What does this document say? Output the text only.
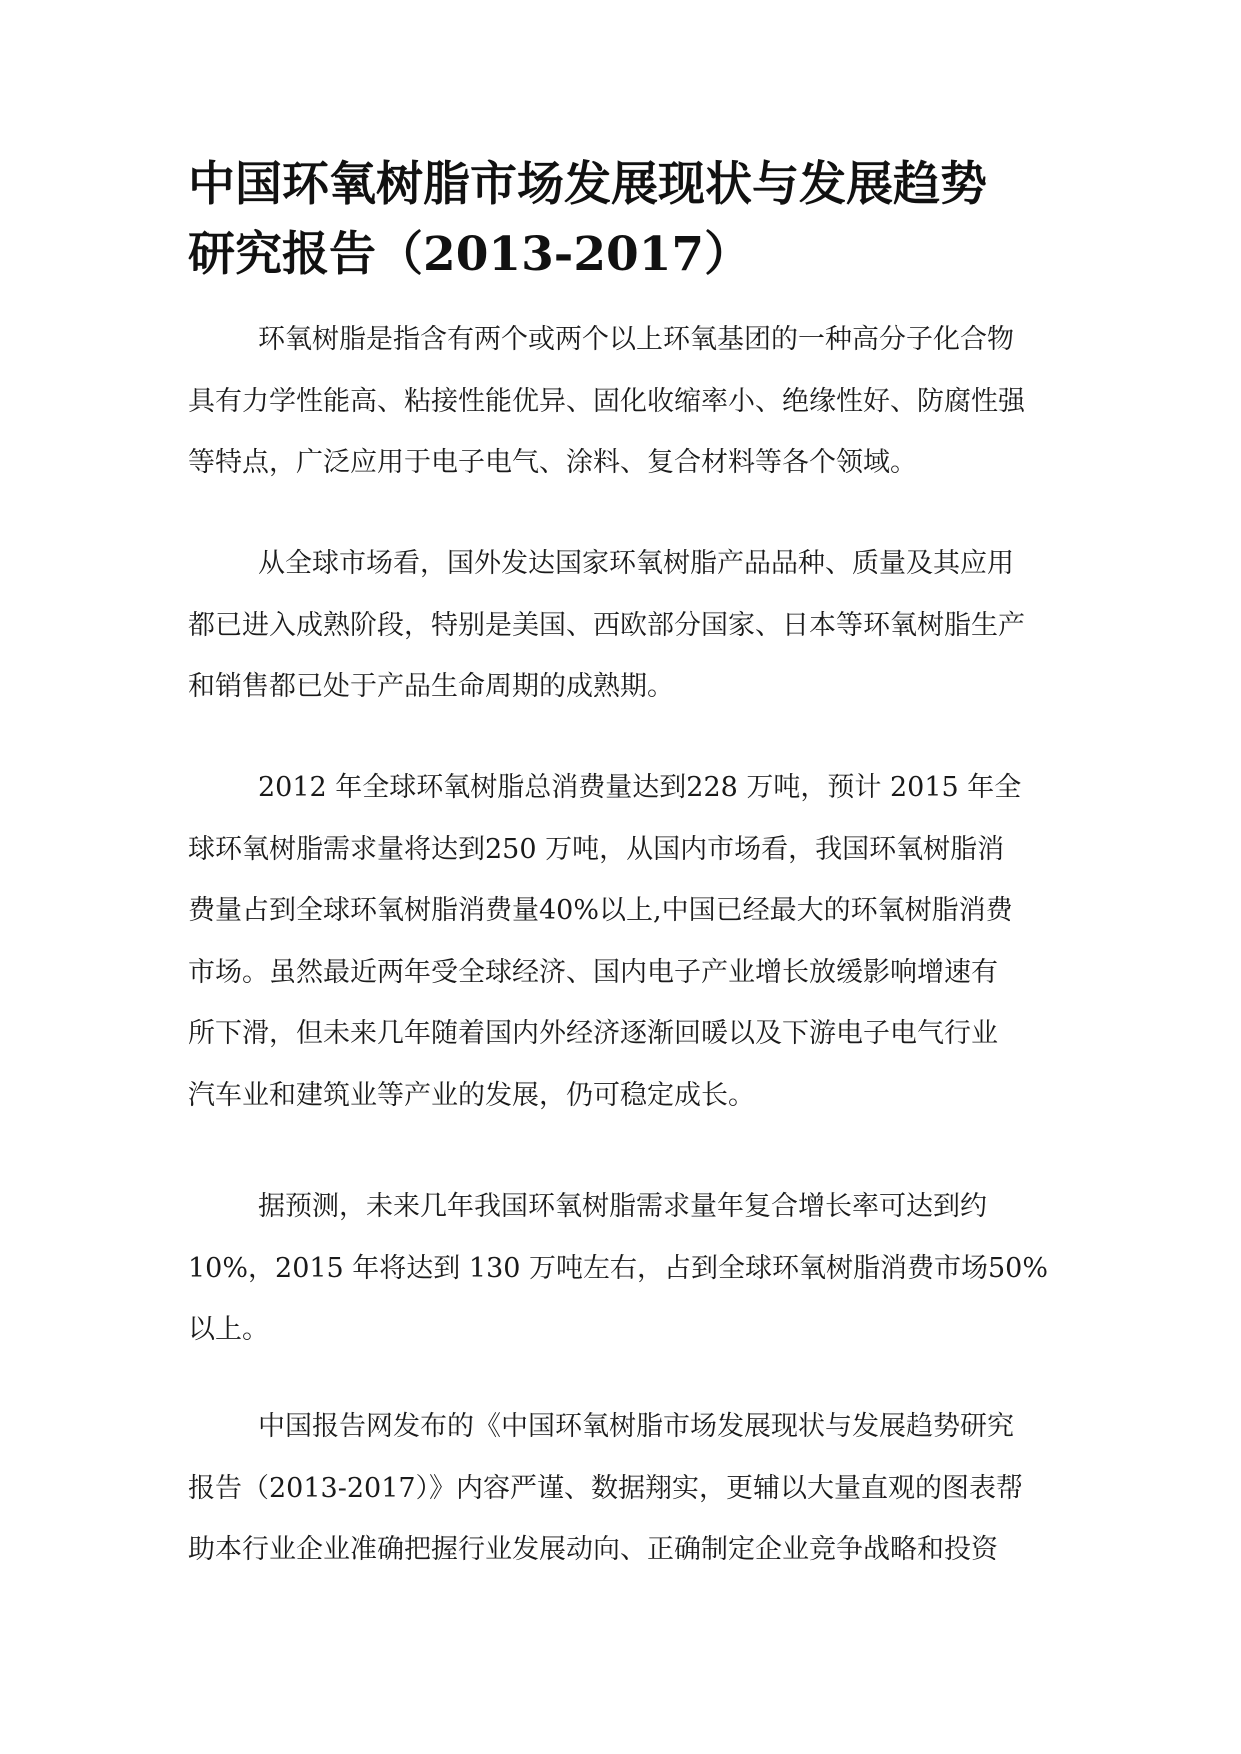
中国环氧树脂市场发展现状与发展趋势
研究报告（2013-2017）
环氧树脂是指含有两个或两个以上环氧基团的一种高分子化合物
具有力学性能高、粘接性能优异、固化收缩率小、绝缘性好、防腐性强
等特点，广泛应用于电子电气、涂料、复合材料等各个领域。
从全球市场看，国外发达国家环氧树脂产品品种、质量及其应用
都已进入成熟阶段，特别是美国、西欧部分国家、日本等环氧树脂生产
和销售都已处于产品生命周期的成熟期。
2012 年全球环氧树脂总消费量达到228 万吨，预计 2015 年全
球环氧树脂需求量将达到250 万吨，从国内市场看，我国环氧树脂消
费量占到全球环氧树脂消费量40%以上,中国已经最大的环氧树脂消费
市场。虽然最近两年受全球经济、国内电子产业增长放缓影响增速有
所下滑，但未来几年随着国内外经济逐渐回暖以及下游电子电气行业
汽车业和建筑业等产业的发展，仍可稳定成长。
据预测，未来几年我国环氧树脂需求量年复合增长率可达到约
10%，2015 年将达到 130 万吨左右，占到全球环氧树脂消费市场50%
以上。
中国报告网发布的《中国环氧树脂市场发展现状与发展趋势研究
报告（2013-2017）》内容严谨、数据翔实，更辅以大量直观的图表帮
助本行业企业准确把握行业发展动向、正确制定企业竞争战略和投资
